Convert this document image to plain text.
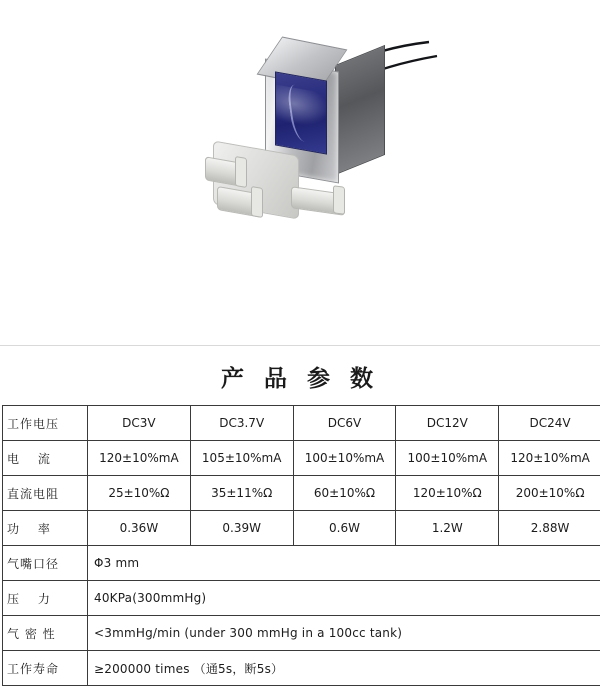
产 品 参 数
工作电压	DC3V	DC3.7V	DC6V	DC12V	DC24V
电　 流	120±10%mA	105±10%mA	100±10%mA	100±10%mA	120±10%mA
直流电阻	25±10%Ω	35±11%Ω	60±10%Ω	120±10%Ω	200±10%Ω
功　 率	0.36W	0.39W	0.6W	1.2W	2.88W
气嘴口径	Φ3 mm				
压　 力	40KPa(300mmHg)				
气 密 性	<3mmHg/min (under 300 mmHg in a 100cc tank)				
工作寿命	≥200000 times （通5s，断5s）				
